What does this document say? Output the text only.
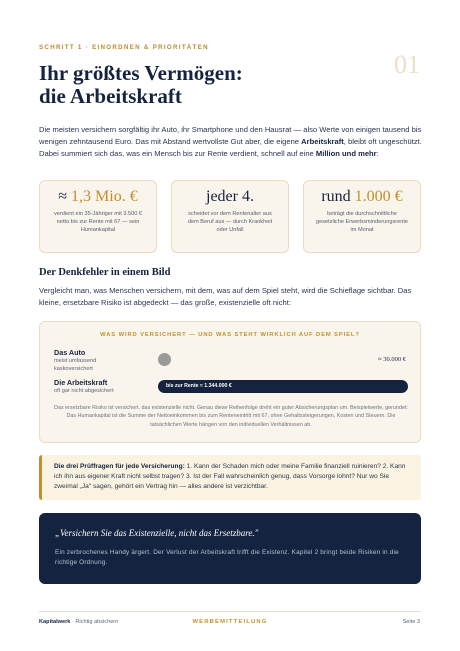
SCHRITT 1 · EINORDNEN & PRIORITÄTEN
01
Ihr größtes Vermögen:
die Arbeitskraft

Die meisten versichern sorgfältig ihr Auto, ihr Smartphone und den Hausrat — also Werte von einigen tausend bis wenigen zehntausend Euro. Das mit Abstand wertvollste Gut aber, die eigene Arbeitskraft, bleibt oft ungeschützt. Dabei summiert sich das, was ein Mensch bis zur Rente verdient, schnell auf eine Million und mehr:

≈ 1,3 Mio. €
verdient ein 35-Jähriger mit 3.500 € netto bis zur Rente mit 67 — sein Humankapital
jeder 4.
scheidet vor dem Rentenalter aus dem Beruf aus — durch Krankheit oder Unfall
rund 1.000 €
beträgt die durchschnittliche gesetzliche Erwerbsminderungsrente im Monat
Der Denkfehler in einem Bild

Vergleicht man, was Menschen versichern, mit dem, was auf dem Spiel steht, wird die Schieflage sichtbar. Das kleine, ersetzbare Risiko ist abgedeckt — das große, existenzielle oft nicht:

WAS WIRD VERSICHERT — UND WAS STEHT WIRKLICH AUF DEM SPIEL?
Das Auto
meist umfassend
kaskoversichert
≈ 30.000 €
Die Arbeitskraft
oft gar nicht abgesichert
bis zur Rente ≈ 1.344.000 €
Das ersetzbare Risiko ist versichert, das existenzielle nicht. Genau diese Reihenfolge dreht ein guter Absicherungsplan um. Beispielwerte, gerundet: Das Humankapital ist die Summe der Nettoeinkommen bis zum Renteneintritt mit 67, ohne Gehaltssteigerungen, Kosten und Steuern. Die tatsächlichen Werte hängen von den individuellen Verhältnissen ab.

Die drei Prüffragen für jede Versicherung: 1. Kann der Schaden mich oder meine Familie finanziell ruinieren? 2. Kann ich ihn aus eigener Kraft nicht selbst tragen? 3. Ist der Fall wahrscheinlich genug, dass Vorsorge lohnt? Nur wo Sie zweimal „Ja" sagen, gehört ein Vertrag hin — alles andere ist verzichtbar.

„Versichern Sie das Existenzielle, nicht das Ersetzbare."
Ein zerbrochenes Handy ärgert. Der Verlust der Arbeitskraft trifft die Existenz. Kapitel 2 bringt beide Risiken in die richtige Ordnung.
Kapitalwerk · Richtig absichern	WERBEMITTEILUNG	Seite 3
